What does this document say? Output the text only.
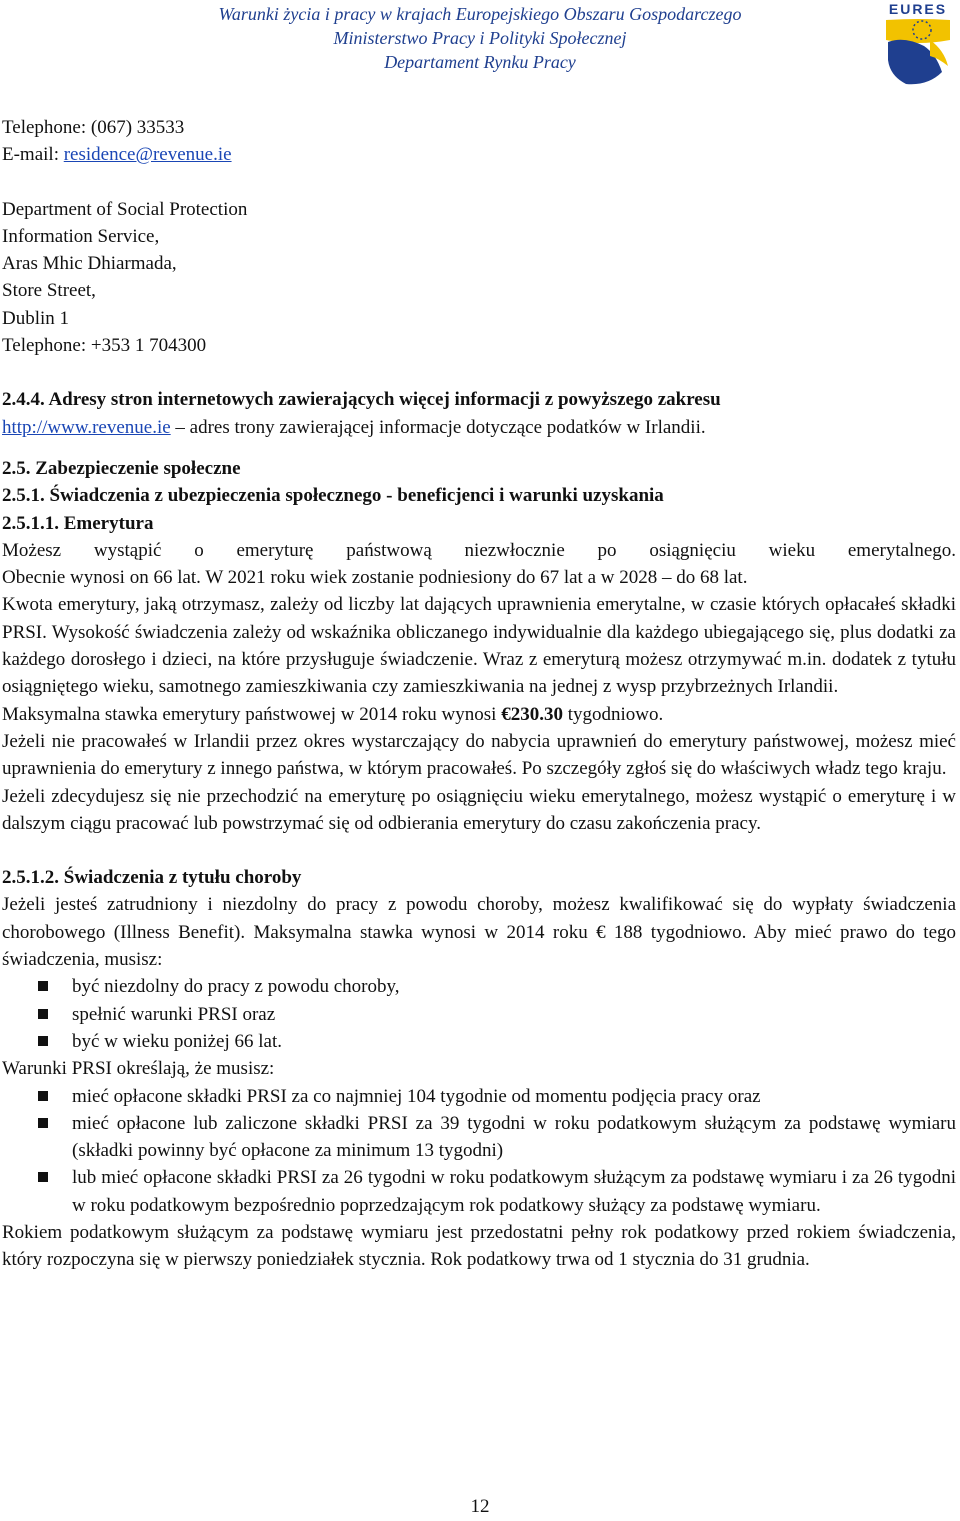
Warunki życia i pracy w krajach Europejskiego Obszaru Gospodarczego
Ministerstwo Pracy i Polityki Społecznej
Departament Rynku Pracy
EURES

Telephone: (067) 33533

E-mail: residence@revenue.ie

Department of Social Protection

Information Service,

Aras Mhic Dhiarmada,

Store Street,

Dublin 1

Telephone: +353 1 704300

2.4.4. Adresy stron internetowych zawierających więcej informacji z powyższego zakresu

http://www.revenue.ie – adres trony zawierającej informacje dotyczące podatków w Irlandii.

2.5. Zabezpieczenie społeczne

2.5.1. Świadczenia z ubezpieczenia społecznego - beneficjenci i warunki uzyskania

2.5.1.1. Emerytura

Możesz wystąpić o emeryturę państwową niezwłocznie po osiągnięciu wieku emerytalnego.

Obecnie wynosi on 66 lat. W 2021 roku wiek zostanie podniesiony do 67 lat a w 2028 – do 68 lat.

Kwota emerytury, jaką otrzymasz, zależy od liczby lat dających uprawnienia emerytalne, w czasie których opłacałeś składki PRSI. Wysokość świadczenia zależy od wskaźnika obliczanego indywidualnie dla każdego ubiegającego się, plus dodatki za każdego dorosłego i dzieci, na które przysługuje świadczenie. Wraz z emeryturą możesz otrzymywać m.in. dodatek z tytułu osiągniętego wieku, samotnego zamieszkiwania czy zamieszkiwania na jednej z wysp przybrzeżnych Irlandii.

Maksymalna stawka emerytury państwowej w 2014 roku wynosi €230.30 tygodniowo.

Jeżeli nie pracowałeś w Irlandii przez okres wystarczający do nabycia uprawnień do emerytury państwowej, możesz mieć uprawnienia do emerytury z innego państwa, w którym pracowałeś. Po szczegóły zgłoś się do właściwych władz tego kraju.

Jeżeli zdecydujesz się nie przechodzić na emeryturę po osiągnięciu wieku emerytalnego, możesz wystąpić o emeryturę i w dalszym ciągu pracować lub powstrzymać się od odbierania emerytury do czasu zakończenia pracy.

2.5.1.2. Świadczenia z tytułu choroby

Jeżeli jesteś zatrudniony i niezdolny do pracy z powodu choroby, możesz kwalifikować się do wypłaty świadczenia chorobowego (Illness Benefit). Maksymalna stawka wynosi w 2014 roku € 188 tygodniowo. Aby mieć prawo do tego świadczenia, musisz:

być niezdolny do pracy z powodu choroby,
spełnić warunki PRSI oraz
być w wieku poniżej 66 lat.

Warunki PRSI określają, że musisz:

mieć opłacone składki PRSI za co najmniej 104 tygodnie od momentu podjęcia pracy oraz
mieć opłacone lub zaliczone składki PRSI za 39 tygodni w roku podatkowym służącym za podstawę wymiaru (składki powinny być opłacone za minimum 13 tygodni)
lub mieć opłacone składki PRSI za 26 tygodni w roku podatkowym służącym za podstawę wymiaru i za 26 tygodni w roku podatkowym bezpośrednio poprzedzającym rok podatkowy służący za podstawę wymiaru.

Rokiem podatkowym służącym za podstawę wymiaru jest przedostatni pełny rok podatkowy przed rokiem świadczenia, który rozpoczyna się w pierwszy poniedziałek stycznia. Rok podatkowy trwa od 1 stycznia do 31 grudnia.

12
